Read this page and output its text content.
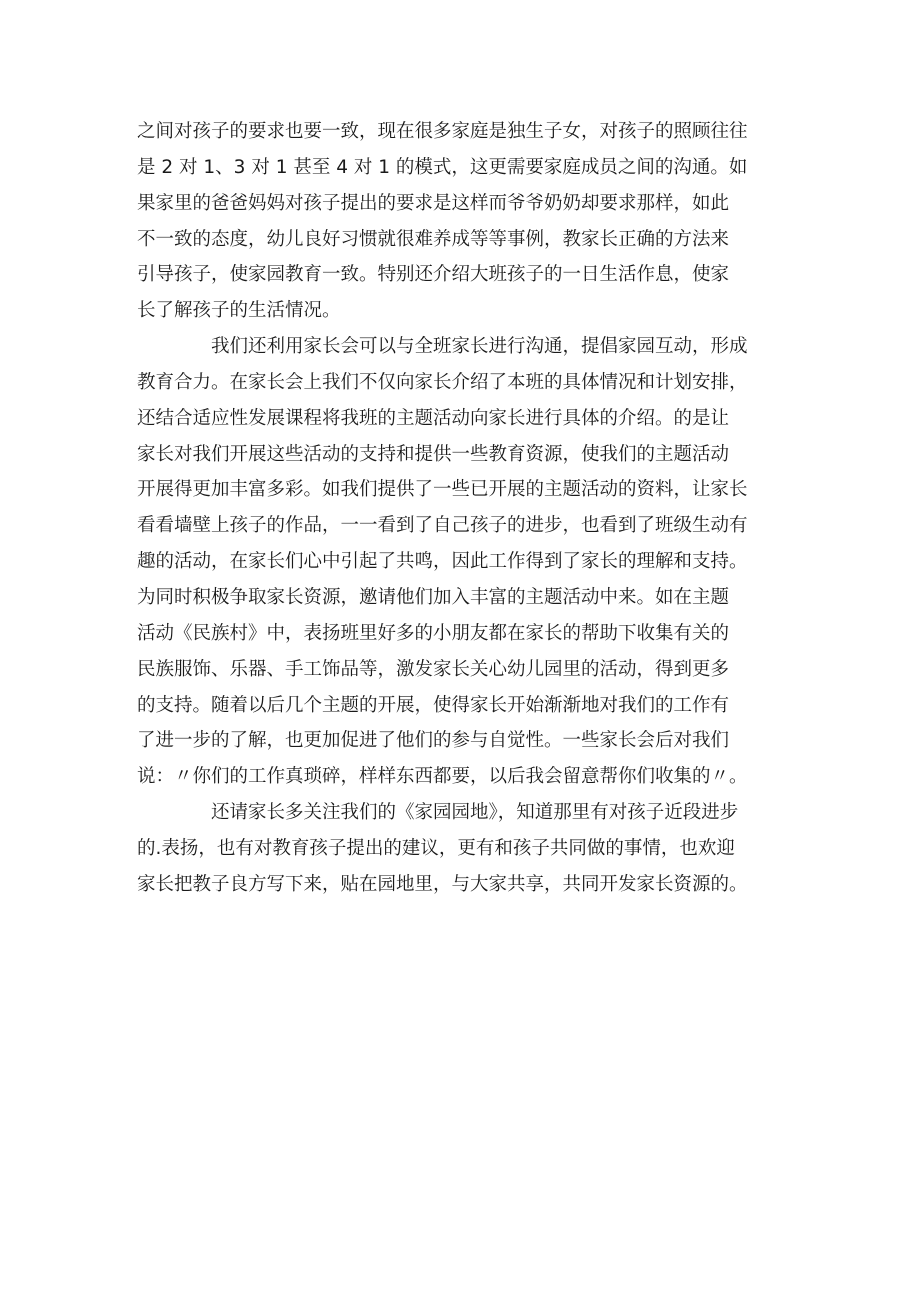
之间对孩子的要求也要一致，现在很多家庭是独生子女，对孩子的照顾往往
是 2 对 1、3 对 1 甚至 4 对 1 的模式，这更需要家庭成员之间的沟通。如
果家里的爸爸妈妈对孩子提出的要求是这样而爷爷奶奶却要求那样，如此
不一致的态度，幼儿良好习惯就很难养成等等事例，教家长正确的方法来
引导孩子，使家园教育一致。特别还介绍大班孩子的一日生活作息，使家
长了解孩子的生活情况。
我们还利用家长会可以与全班家长进行沟通，提倡家园互动，形成
教育合力。在家长会上我们不仅向家长介绍了本班的具体情况和计划安排，
还结合适应性发展课程将我班的主题活动向家长进行具体的介绍。的是让
家长对我们开展这些活动的支持和提供一些教育资源，使我们的主题活动
开展得更加丰富多彩。如我们提供了一些已开展的主题活动的资料，让家长
看看墙壁上孩子的作品，一一看到了自己孩子的进步，也看到了班级生动有
趣的活动，在家长们心中引起了共鸣，因此工作得到了家长的理解和支持。
为同时积极争取家长资源，邀请他们加入丰富的主题活动中来。如在主题
活动《民族村》中，表扬班里好多的小朋友都在家长的帮助下收集有关的
民族服饰、乐器、手工饰品等，激发家长关心幼儿园里的活动，得到更多
的支持。随着以后几个主题的开展，使得家长开始渐渐地对我们的工作有
了进一步的了解，也更加促进了他们的参与自觉性。一些家长会后对我们
说：〃你们的工作真琐碎，样样东西都要，以后我会留意帮你们收集的〃。
还请家长多关注我们的《家园园地》，知道那里有对孩子近段进步
的.表扬，也有对教育孩子提出的建议，更有和孩子共同做的事情，也欢迎
家长把教子良方写下来，贴在园地里，与大家共享，共同开发家长资源的。
